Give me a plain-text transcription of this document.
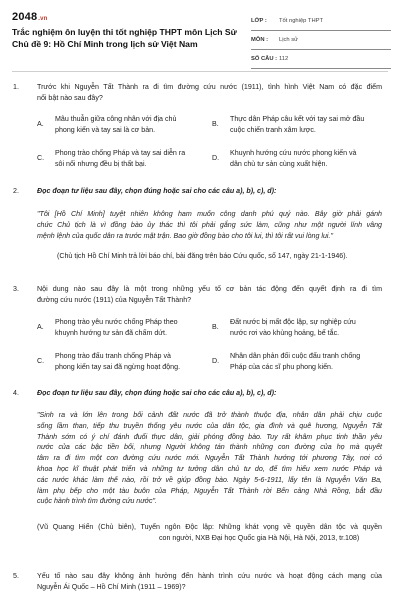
2048.vn
Trắc nghiệm ôn luyện thi tốt nghiệp THPT môn Lịch Sử
Chủ đề 9: Hồ Chí Minh trong lịch sử Việt Nam
LỚP :	Tốt nghiệp THPT
MÔN :	Lịch sử
SỐ CÂU : 112
1.	Trước khi Nguyễn Tất Thành ra đi tìm đường cứu nước (1911), tình hình Việt Nam có đặc điểm
nổi bật nào sau đây?
A.
Mâu thuẫn giữa công nhân với địa chủ
phong kiến và tay sai là cơ bản.
B.
Thực dân Pháp câu kết với tay sai mở đầu
cuộc chiến tranh xâm lược.
C.
Phong trào chống Pháp và tay sai diễn ra
sôi nổi nhưng đều bị thất bại.
D.
Khuynh hướng cứu nước phong kiến và
dân chủ tư sản cùng xuất hiện.
2.	Đọc đoạn tư liệu sau đây, chọn đúng hoặc sai cho các câu a), b), c), d):
"Tôi [Hồ Chí Minh] tuyệt nhiên không ham muốn công danh phú quý nào. Bây giờ phải gánh
chức Chủ tịch là vì đồng bào ủy thác thì tôi phải gắng sức làm, cũng như một người lính vâng
mệnh lệnh của quốc dân ra trước mặt trận. Bao giờ đồng bào cho tôi lui, thì tôi rất vui lòng lui."
(Chủ tịch Hồ Chí Minh trả lời báo chí, bài đăng trên báo Cứu quốc, số 147, ngày 21-1-1946).
3.	Nội dung nào sau đây là một trong những yếu tố cơ bản tác động đến quyết định ra đi tìm
đường cứu nước (1911) của Nguyễn Tất Thành?
A.
Phong trào yêu nước chống Pháp theo
khuynh hướng tư sản đã chấm dứt.
B.
Đất nước bị mất độc lập, sự nghiệp cứu
nước rơi vào khủng hoảng, bế tắc.
C.
Phong trào đấu tranh chống Pháp và
phong kiến tay sai đã ngừng hoạt động.
D.
Nhân dân phản đối cuộc đấu tranh chống
Pháp của các sĩ phu phong kiến.
4.	Đọc đoạn tư liệu sau đây, chọn đúng hoặc sai cho các câu a), b), c), d):
"Sinh ra và lớn lên trong bối cảnh đất nước đã trở thành thuộc địa, nhân dân phải chịu cuộc
sống lầm than, tiếp thu truyền thống yêu nước của dân tộc, gia đình và quê hương, Nguyễn Tất
Thành sớm có ý chí đánh đuổi thực dân, giải phóng đồng bào. Tuy rất khâm phục tinh thần yêu
nước của các bậc tiền bối, nhưng Người không tán thành những con đường của họ mà quyết
tâm ra đi tìm một con đường cứu nước mới. Nguyễn Tất Thành hướng tới phương Tây, nơi có
khoa học kĩ thuật phát triển và những tư tưởng dân chủ tư do, để tìm hiểu xem nước Pháp và
các nước khác làm thế nào, rồi trở về giúp đồng bào. Ngày 5-6-1911, lấy tên là Nguyễn Văn Ba,
làm phụ bếp cho một tàu buôn của Pháp, Nguyễn Tất Thành rời Bến cảng Nhà Rồng, bắt đầu
cuộc hành trình tìm đường cứu nước".
(Vũ Quang Hiển (Chủ biên), Tuyển ngôn Độc lập: Những khát vọng về quyền dân tộc và quyền
con người, NXB Đại học Quốc gia Hà Nội, Hà Nội, 2013, tr.108)
5.	Yếu tố nào sau đây không ảnh hưởng đến hành trình cứu nước và hoạt động cách mạng của
Nguyễn Ái Quốc – Hồ Chí Minh (1911 – 1969)?
